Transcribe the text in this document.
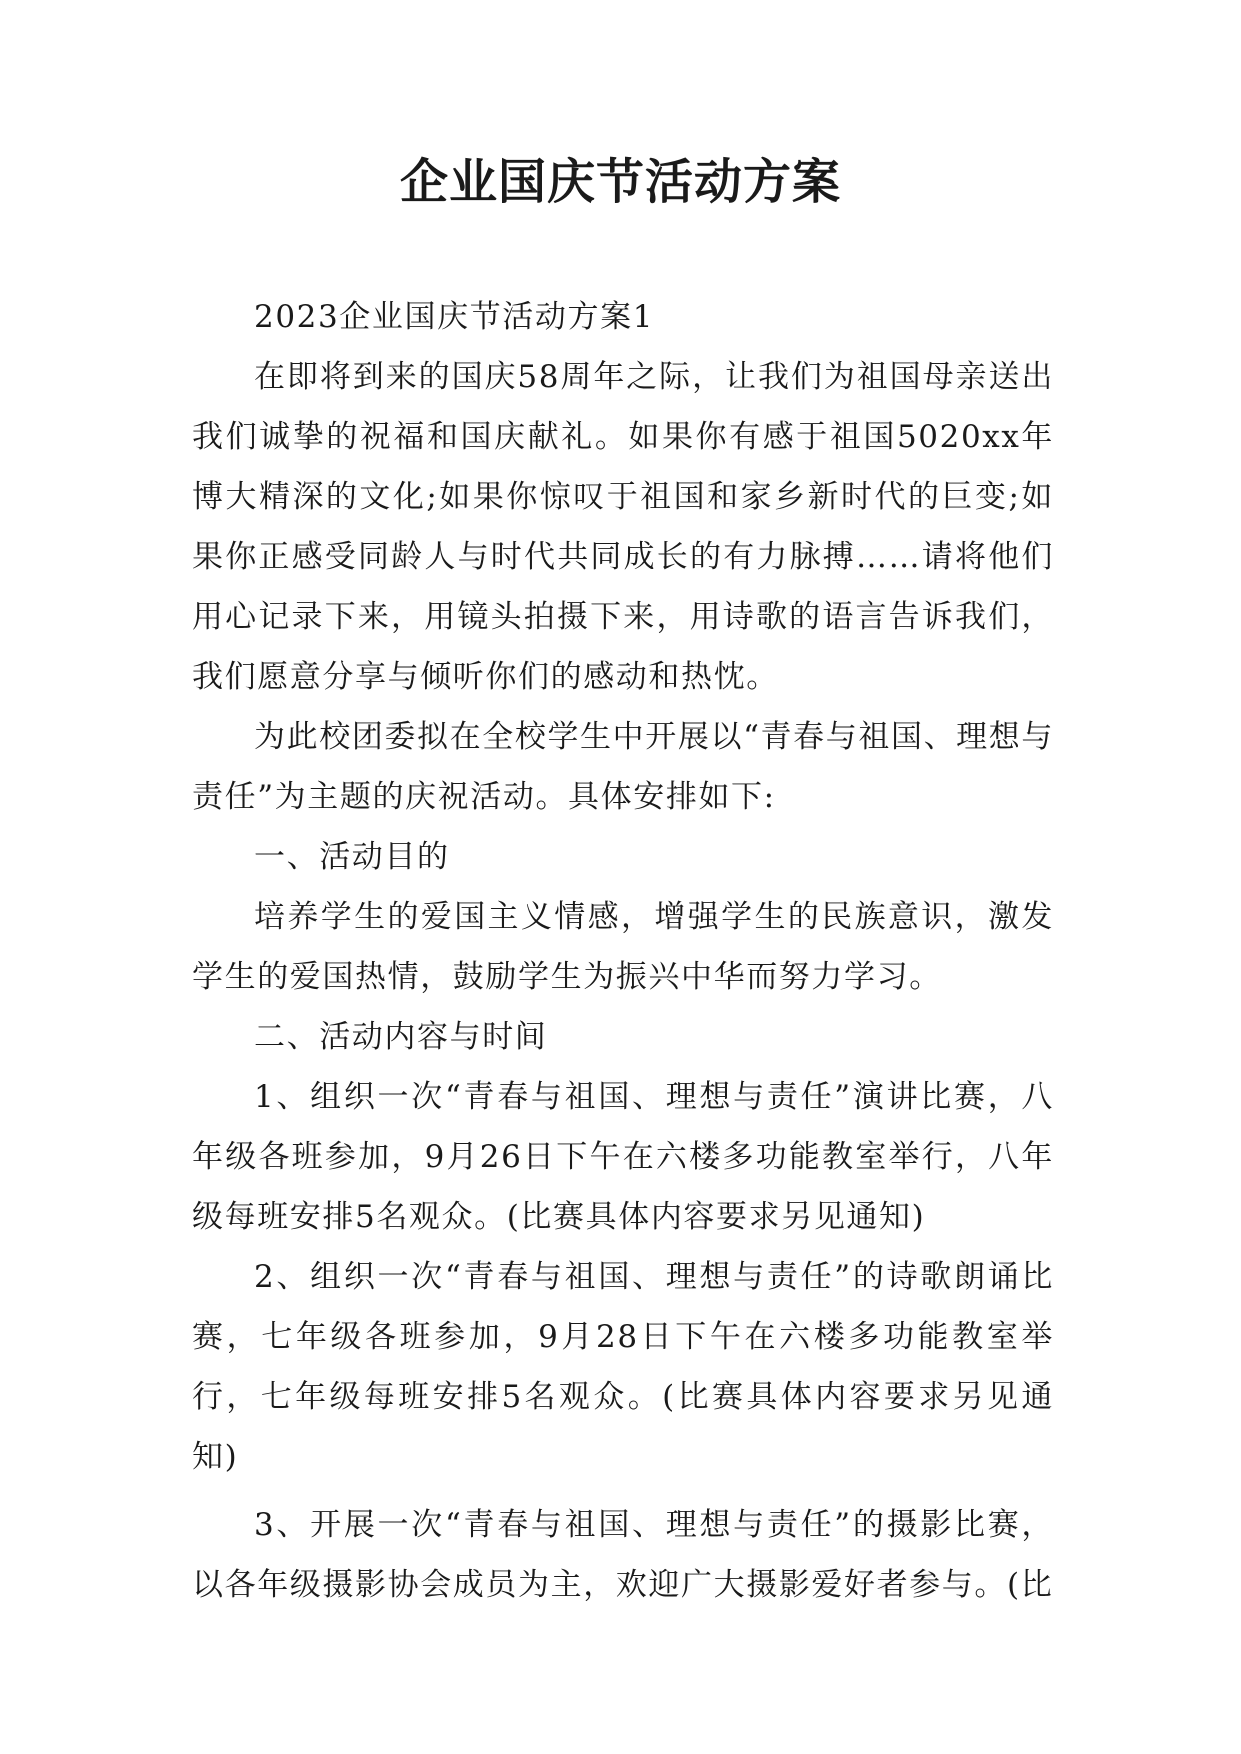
企业国庆节活动方案

2023企业国庆节活动方案1

在即将到来的国庆58周年之际，让我们为祖国母亲送出我们诚挚的祝福和国庆献礼。如果你有感于祖国5020xx年博大精深的文化;如果你惊叹于祖国和家乡新时代的巨变;如果你正感受同龄人与时代共同成长的有力脉搏……请将他们用心记录下来，用镜头拍摄下来，用诗歌的语言告诉我们，我们愿意分享与倾听你们的感动和热忱。

为此校团委拟在全校学生中开展以“青春与祖国、理想与责任”为主题的庆祝活动。具体安排如下:

一、活动目的

培养学生的爱国主义情感，增强学生的民族意识，激发学生的爱国热情，鼓励学生为振兴中华而努力学习。

二、活动内容与时间

1、组织一次“青春与祖国、理想与责任”演讲比赛，八年级各班参加，9月26日下午在六楼多功能教室举行，八年级每班安排5名观众。(比赛具体内容要求另见通知)

2、组织一次“青春与祖国、理想与责任”的诗歌朗诵比赛，七年级各班参加，9月28日下午在六楼多功能教室举行，七年级每班安排5名观众。(比赛具体内容要求另见通知)

3、开展一次“青春与祖国、理想与责任”的摄影比赛，以各年级摄影协会成员为主，欢迎广大摄影爱好者参与。(比
